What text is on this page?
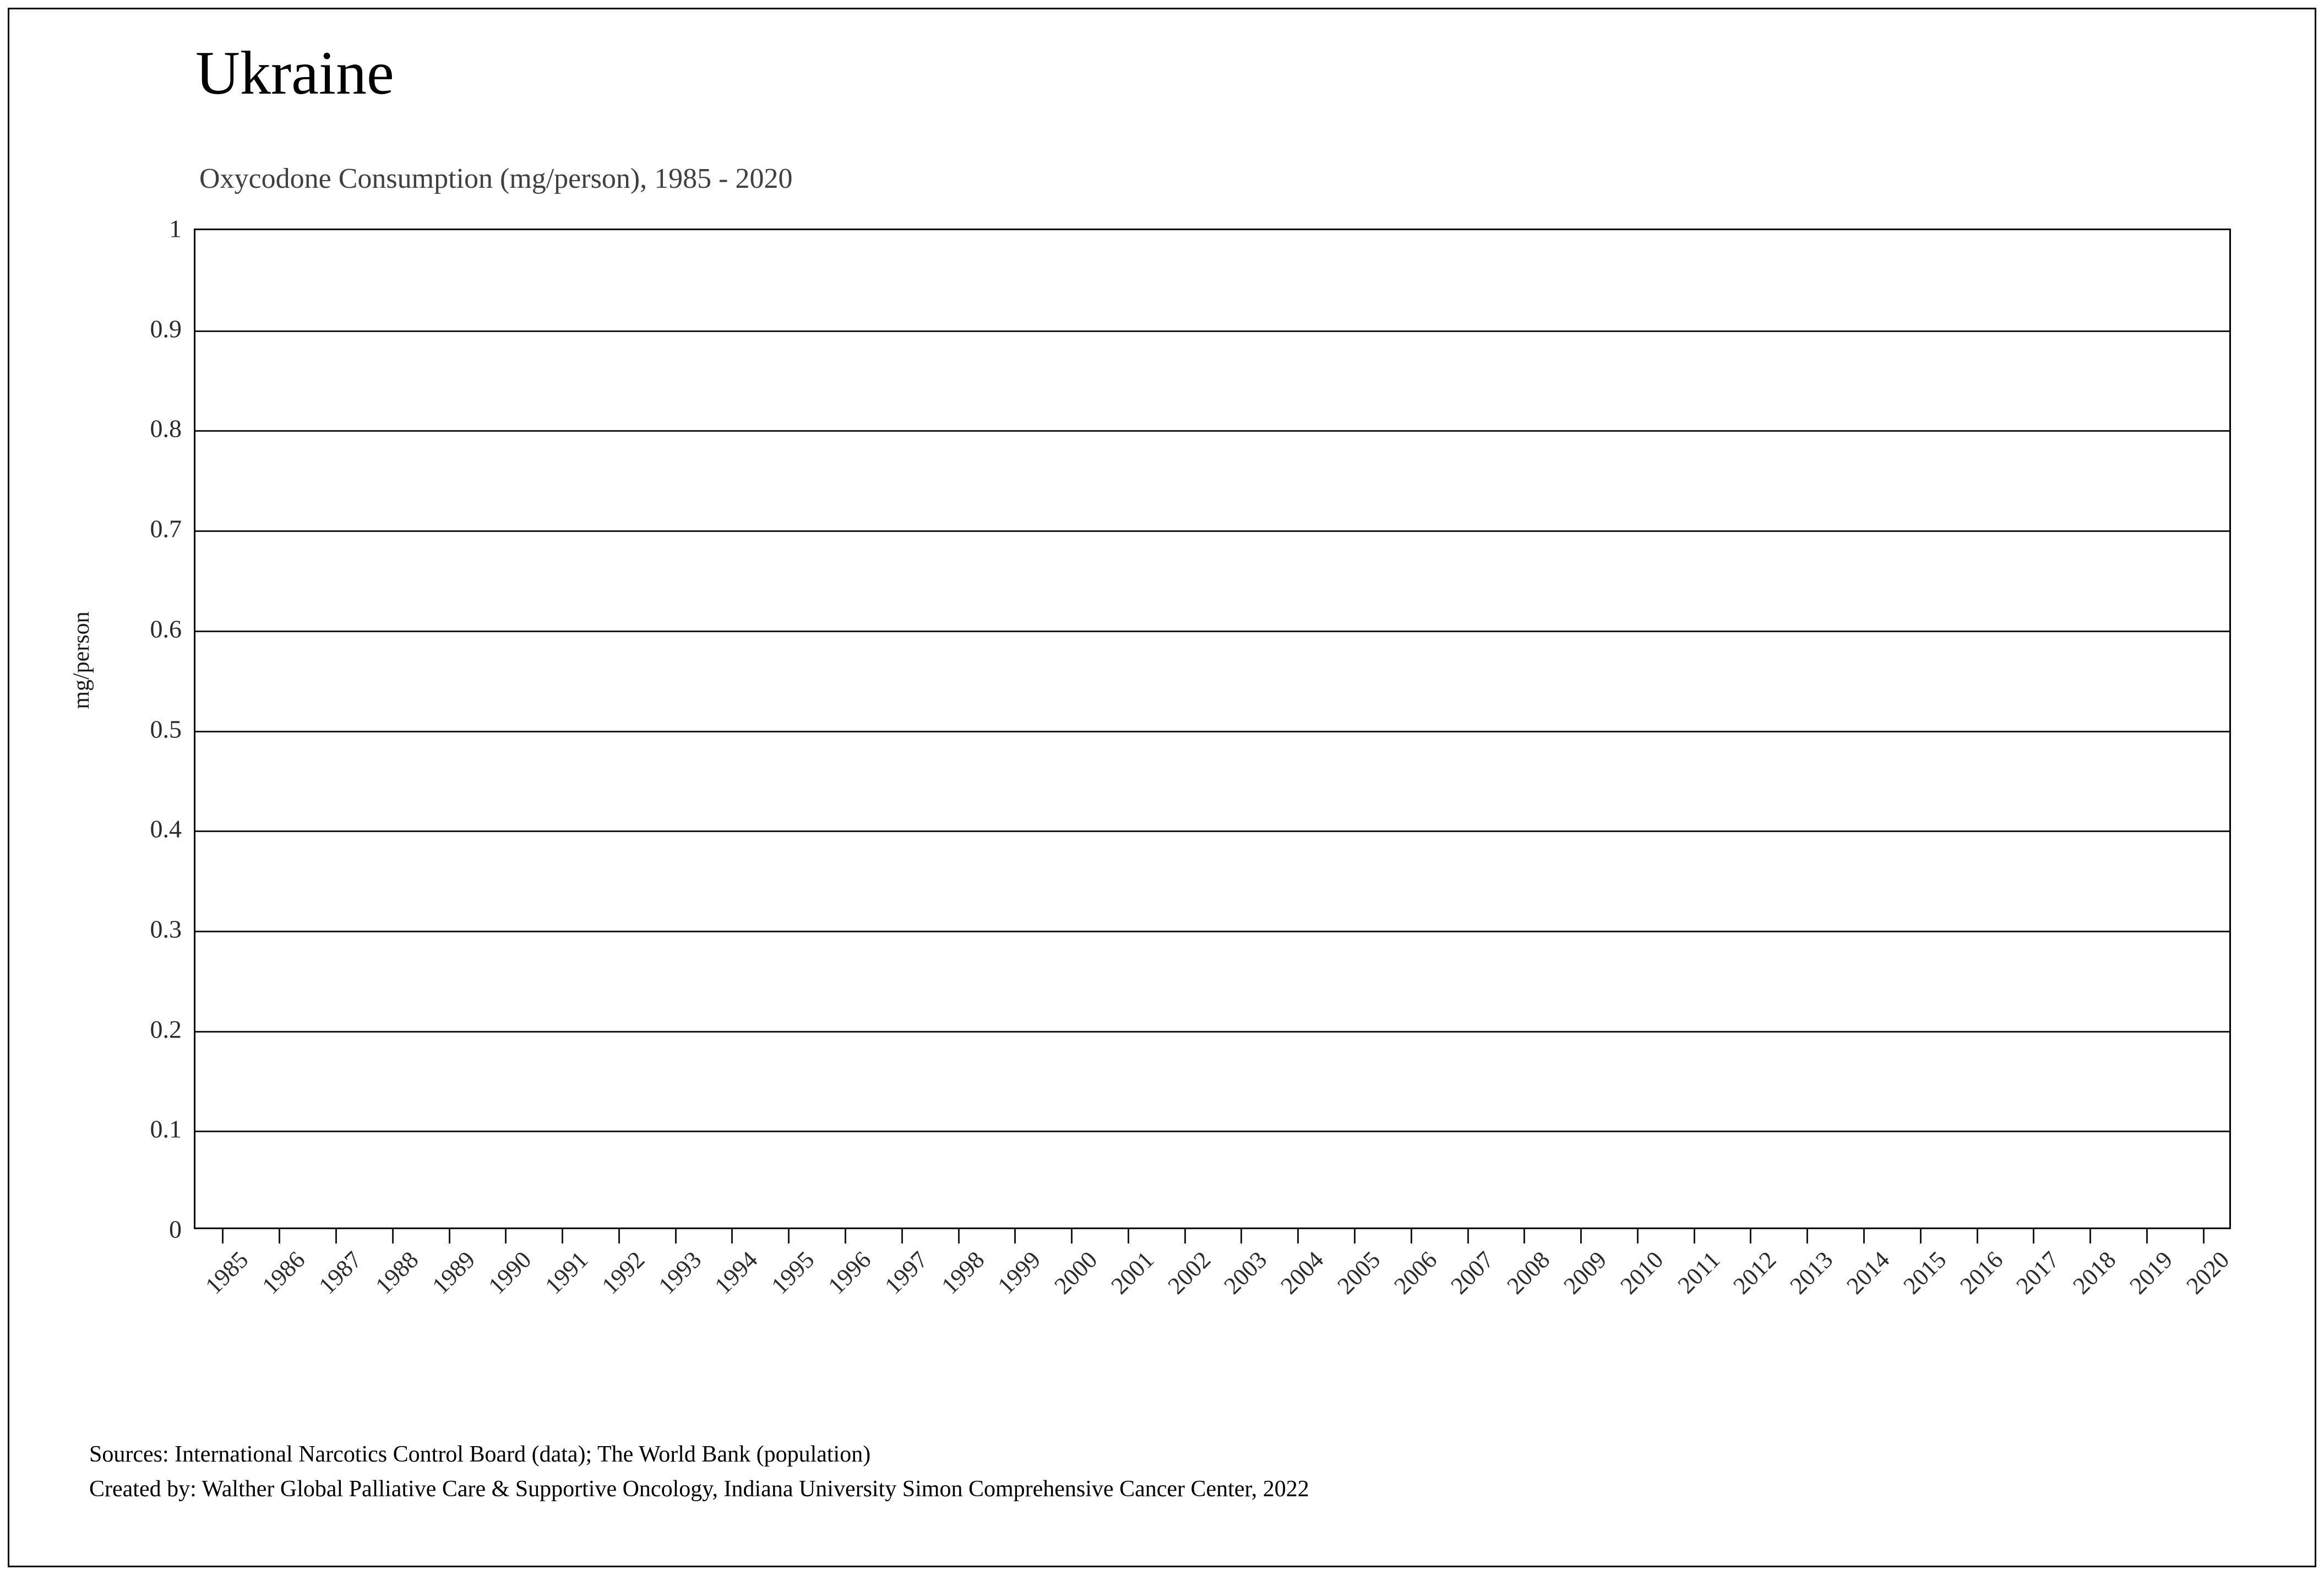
Ukraine
Oxycodone Consumption (mg/person), 1985 - 2020
1
0.9
0.8
0.7
0.6
0.5
0.4
0.3
0.2
0.1
0
mg/person
1985 1986 1987 1988 1989 1990 1991 1992 1993 1994 1995 1996 1997 1998 1999 2000 2001 2002 2003 2004 2005 2006 2007 2008 2009 2010 2011 2012 2013 2014 2015 2016 2017 2018 2019 2020
Sources: International Narcotics Control Board (data); The World Bank (population)
Created by: Walther Global Palliative Care & Supportive Oncology, Indiana University Simon Comprehensive Cancer Center, 2022
